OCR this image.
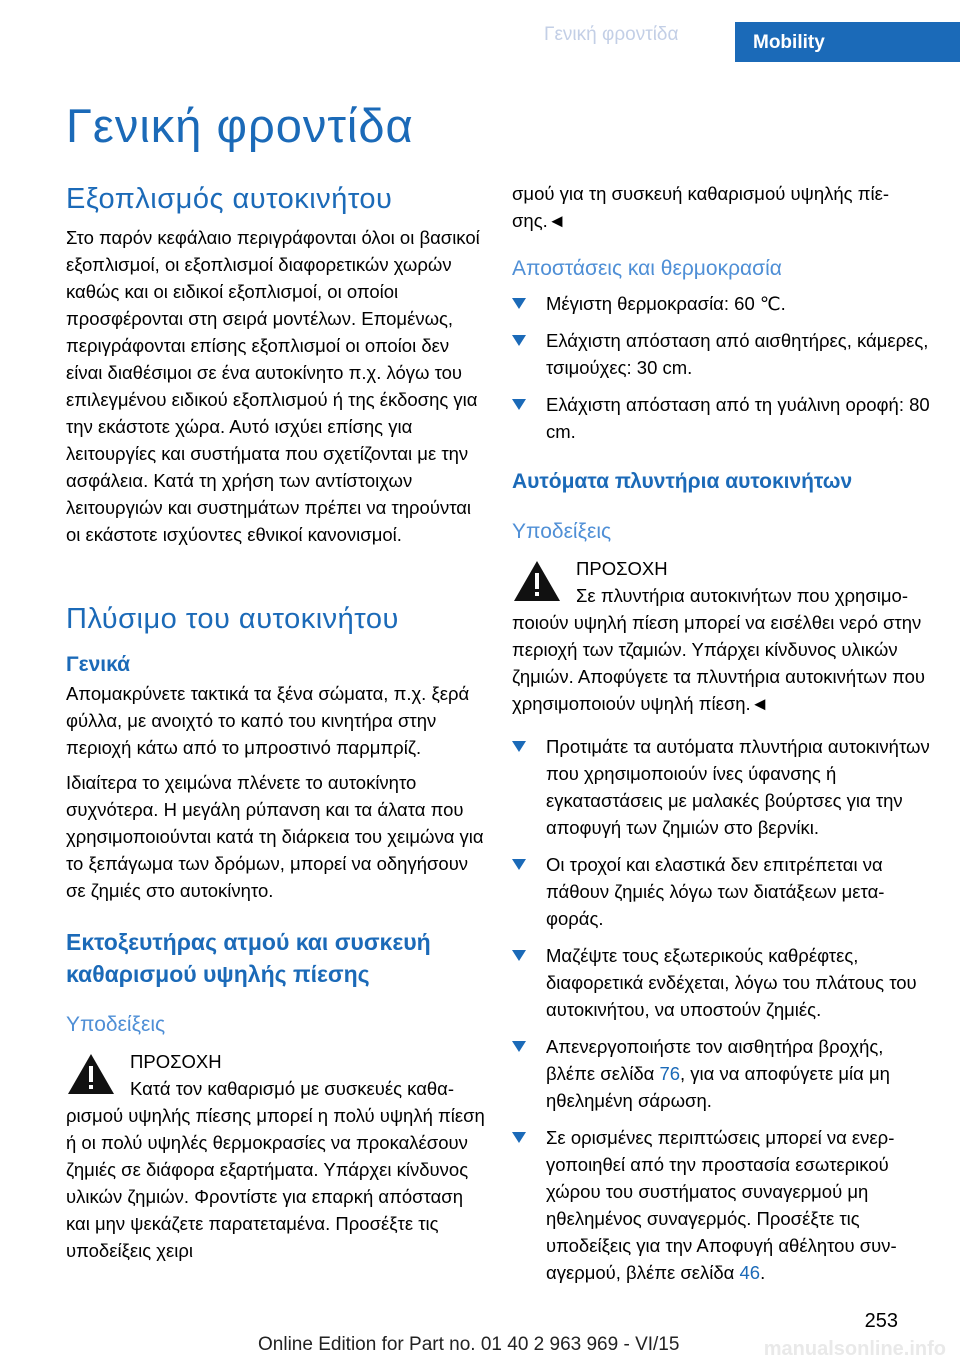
Γενική φροντίδα	Mobility
Γενική φροντίδα
Εξοπλισμός αυτοκινήτου

Στο παρόν κεφάλαιο περιγράφονται όλοι οι βασικοί εξοπλισμοί, οι εξοπλισμοί διαφορετικών χωρών καθώς και οι ειδικοί εξοπλισμοί, οι οποίοι προσφέρονται στη σειρά μοντέλων. Επομένως, περιγράφονται επίσης εξοπλισμοί οι οποίοι δεν είναι διαθέσιμοι σε ένα αυτοκίνητο π.χ. λόγω του επιλεγμένου ειδικού εξοπλισμού ή της έκδοσης για την εκάστοτε χώρα. Αυτό ισχύει επίσης για λειτουργίες και συστήματα που σχετίζονται με την ασφάλεια. Κατά τη χρήση των αντίστοιχων λειτουργιών και συστημάτων πρέπει να τηρούνται οι εκάστοτε ισχύοντες εθνικοί κανονισμοί.

Πλύσιμο του αυτοκινήτου
Γενικά

Απομακρύνετε τακτικά τα ξένα σώματα, π.χ. ξερά φύλλα, με ανοιχτό το καπό του κινητήρα στην περιοχή κάτω από το μπροστινό παρμπρίζ.

Ιδιαίτερα το χειμώνα πλένετε το αυτοκίνητο συχνότερα. Η μεγάλη ρύπανση και τα άλατα που χρησιμοποιούνται κατά τη διάρκεια του χειμώνα για το ξεπάγωμα των δρόμων, μπορεί να οδηγήσουν σε ζημιές στο αυτοκίνητο.

Εκτοξευτήρας ατμού και συσκευή καθαρισμού υψηλής πίεσης
Υποδείξεις

ΠΡΟΣΟΧΗ

Κατά τον καθαρισμό με συσκευές καθαρισμού υψηλής πίεσης μπορεί η πολύ υψηλή πίεση ή οι πολύ υψηλές θερμοκρασίες να προκαλέσουν ζημιές σε διάφορα εξαρτήματα. Υπάρχει κίνδυνος υλικών ζημιών. Φροντίστε για επαρκή απόσταση και μην ψεκάζετε παρατεταμένα. Προσέξτε τις υποδείξεις χειρι

σμού για τη συσκευή καθαρισμού υψηλής πίεσης.◄

Αποστάσεις και θερμοκρασία
Μέγιστη θερμοκρασία: 60 ℃.
Ελάχιστη απόσταση από αισθητήρες, κάμερες, τσιμούχες: 30 cm.
Ελάχιστη απόσταση από τη γυάλινη οροφή: 80 cm.
Αυτόματα πλυντήρια αυτοκινήτων
Υποδείξεις

ΠΡΟΣΟΧΗ

Σε πλυντήρια αυτοκινήτων που χρησιμοποιούν υψηλή πίεση μπορεί να εισέλθει νερό στην περιοχή των τζαμιών. Υπάρχει κίνδυνος υλικών ζημιών. Αποφύγετε τα πλυντήρια αυτοκινήτων που χρησιμοποιούν υψηλή πίεση.◄

Προτιμάτε τα αυτόματα πλυντήρια αυτοκινήτων που χρησιμοποιούν ίνες ύφανσης ή εγκαταστάσεις με μαλακές βούρτσες για την αποφυγή των ζημιών στο βερνίκι.
Οι τροχοί και ελαστικά δεν επιτρέπεται να πάθουν ζημιές λόγω των διατάξεων μεταφοράς.
Μαζέψτε τους εξωτερικούς καθρέφτες, διαφορετικά ενδέχεται, λόγω του πλάτους του αυτοκινήτου, να υποστούν ζημιές.
Απενεργοποιήστε τον αισθητήρα βροχής, βλέπε σελίδα 76, για να αποφύγετε μία μη ηθελημένη σάρωση.
Σε ορισμένες περιπτώσεις μπορεί να ενεργοποιηθεί από την προστασία εσωτερικού χώρου του συστήματος συναγερμού μη ηθελημένος συναγερμός. Προσέξτε τις υποδείξεις για την Αποφυγή αθέλητου συναγερμού, βλέπε σελίδα 46.
253
manualsonline.info
Online Edition for Part no. 01 40 2 963 969 - VI/15
